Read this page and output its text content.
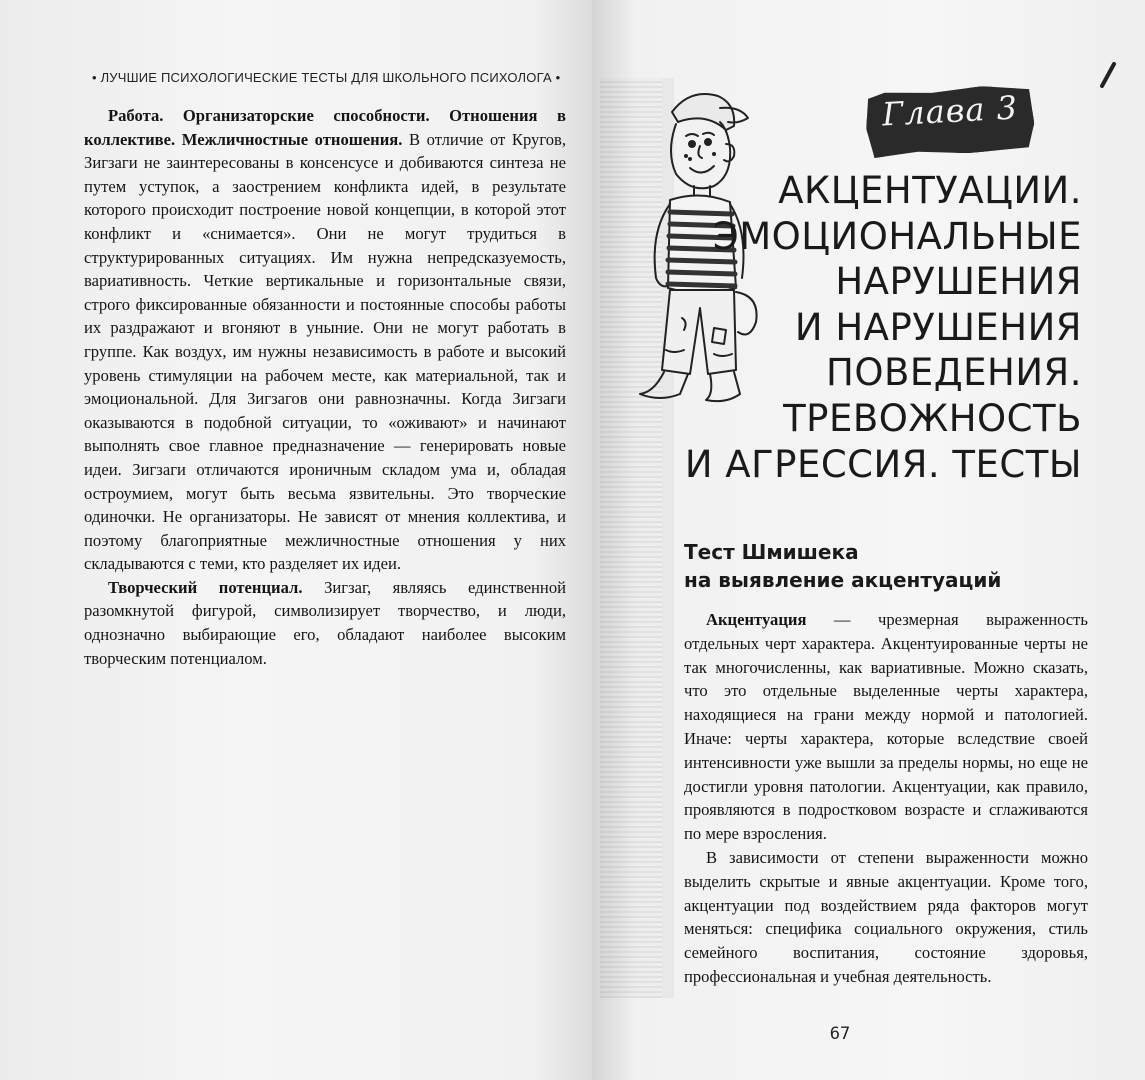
• ЛУЧШИЕ ПСИХОЛОГИЧЕСКИЕ ТЕСТЫ ДЛЯ ШКОЛЬНОГО ПСИХОЛОГА •

Работа. Организаторские способности. Отношения в коллективе. Межличностные отношения. В отличие от Кругов, Зигзаги не заинтересованы в консенсусе и добиваются синтеза не путем уступок, а заострением конфликта идей, в результате которого происходит построение новой концепции, в которой этот конфликт и «снимается». Они не могут трудиться в структурированных ситуациях. Им нужна непредсказуемость, вариативность. Четкие вертикальные и горизонтальные связи, строго фиксированные обязанности и постоянные способы работы их раздражают и вгоняют в уныние. Они не могут работать в группе. Как воздух, им нужны независимость в работе и высокий уровень стимуляции на рабочем месте, как материальной, так и эмоциональной. Для Зигзагов они равнозначны. Когда Зигзаги оказываются в подобной ситуации, то «оживают» и начинают выполнять свое главное предназначение — генерировать новые идеи. Зигзаги отличаются ироничным складом ума и, обладая остроумием, могут быть весьма язвительны. Это творческие одиночки. Не организаторы. Не зависят от мнения коллектива, и поэтому благоприятные межличностные отношения у них складываются с теми, кто разделяет их идеи.

Творческий потенциал. Зигзаг, являясь единственной разомкнутой фигурой, символизирует творчество, и люди, однозначно выбирающие его, обладают наиболее высоким творческим потенциалом.

Глава 3
АКЦЕНТУАЦИИ.
ЭМОЦИОНАЛЬНЫЕ
НАРУШЕНИЯ
И НАРУШЕНИЯ
ПОВЕДЕНИЯ.
ТРЕВОЖНОСТЬ
И АГРЕССИЯ. ТЕСТЫ
Тест Шмишека
на выявление акцентуаций

Акцентуация — чрезмерная выраженность отдельных черт характера. Акцентуированные черты не так многочисленны, как вариативные. Можно сказать, что это отдельные выделенные черты характера, находящиеся на грани между нормой и патологией. Иначе: черты характера, которые вследствие своей интенсивности уже вышли за пределы нормы, но еще не достигли уровня патологии. Акцентуации, как правило, проявляются в подростковом возрасте и сглаживаются по мере взросления.

В зависимости от степени выраженности можно выделить скрытые и явные акцентуации. Кроме того, акцентуации под воздействием ряда факторов могут меняться: специфика социального окружения, стиль семейного воспитания, состояние здоровья, профессиональная и учебная деятельность.

67
